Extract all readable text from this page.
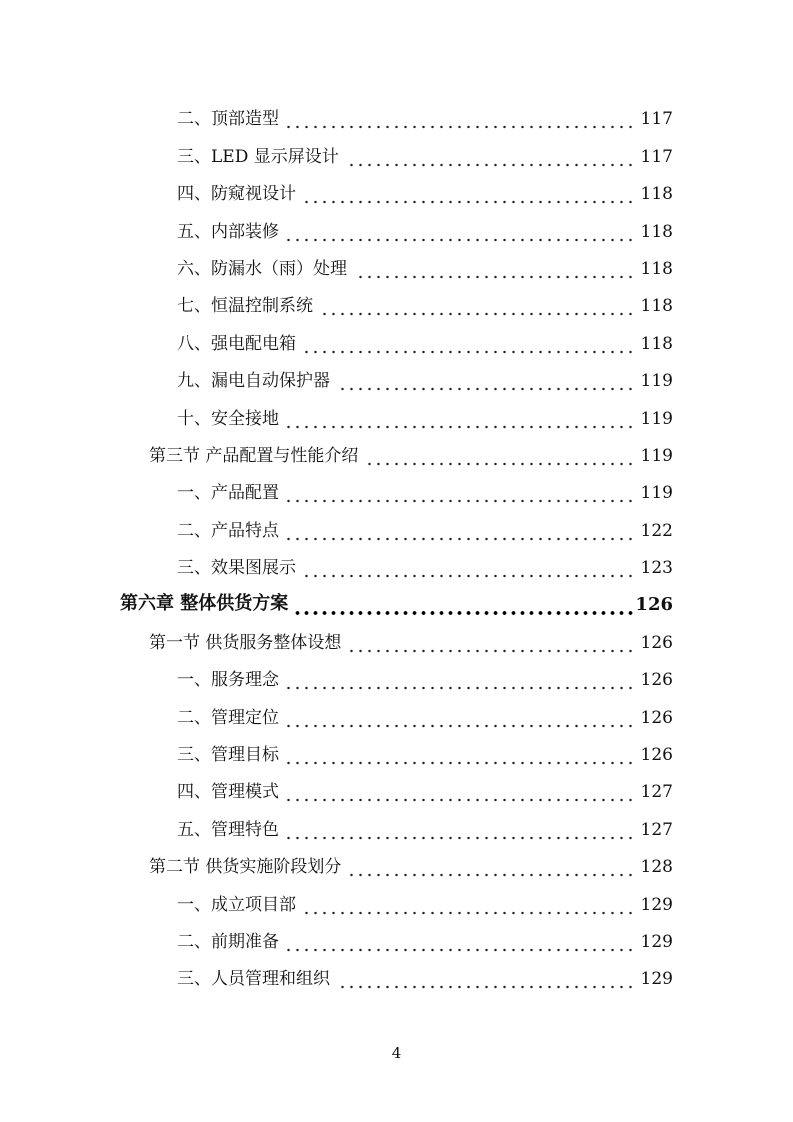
二、顶部造型	117
三、LED 显示屏设计	117
四、防窥视设计	118
五、内部装修	118
六、防漏水（雨）处理	118
七、恒温控制系统	118
八、强电配电箱	118
九、漏电自动保护器	119
十、安全接地	119
第三节 产品配置与性能介绍	119
一、产品配置	119
二、产品特点	122
三、效果图展示	123
第六章 整体供货方案	126
第一节 供货服务整体设想	126
一、服务理念	126
二、管理定位	126
三、管理目标	126
四、管理模式	127
五、管理特色	127
第二节 供货实施阶段划分	128
一、成立项目部	129
二、前期准备	129
三、人员管理和组织	129
4
